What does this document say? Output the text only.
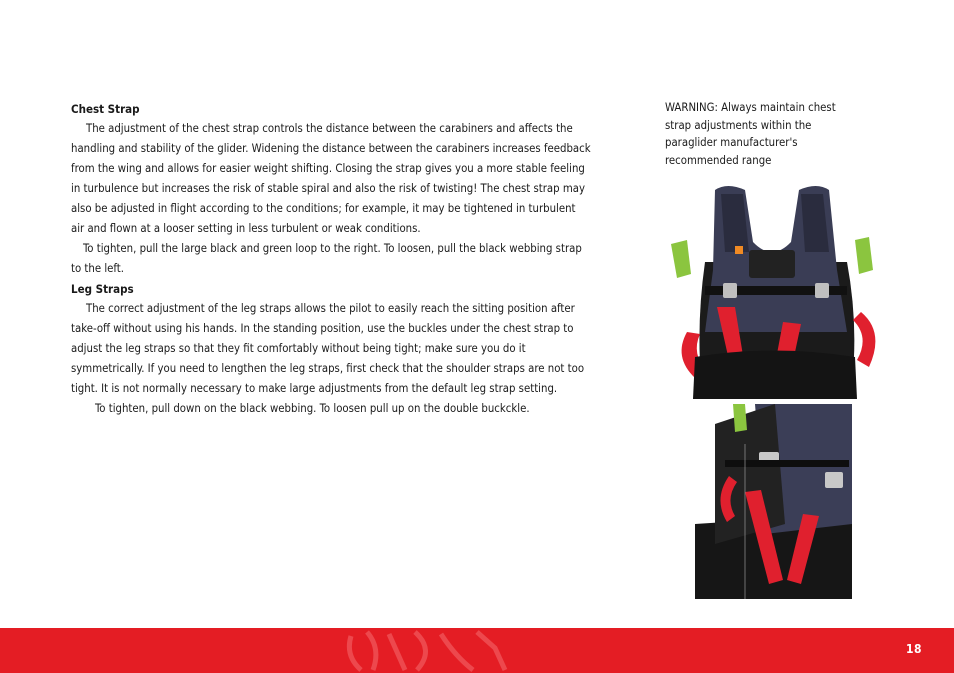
Chest Strap

The adjustment of the chest strap controls the distance between the carabiners and affects the handling and stability of the glider. Widening the distance between the carabiners increases feedback from the wing and allows for easier weight shifting. Closing the strap gives you a more stable feeling in turbulence but increases the risk of stable spiral and also the risk of twisting! The chest strap may also be adjusted in flight according to the conditions; for example, it may be tightened in turbulent air and flown at a looser setting in less turbulent or weak conditions.

To tighten, pull the large black and green loop to the right. To loosen, pull the black webbing strap to the left.

Leg Straps

The correct adjustment of the leg straps allows the pilot to easily reach the sitting position after take-off without using his hands. In the standing position, use the buckles under the chest strap to adjust the leg straps so that they fit comfortably without being tight; make sure you do it symmetrically. If you need to lengthen the leg straps, first check that the shoulder straps are not too tight. It is not normally necessary to make large adjustments from the default leg strap setting.

To tighten, pull down on the black webbing. To loosen pull up on the double buckckle.

WARNING: Always maintain chest strap adjustments within the paraglider manufacturer's recommended range
18
